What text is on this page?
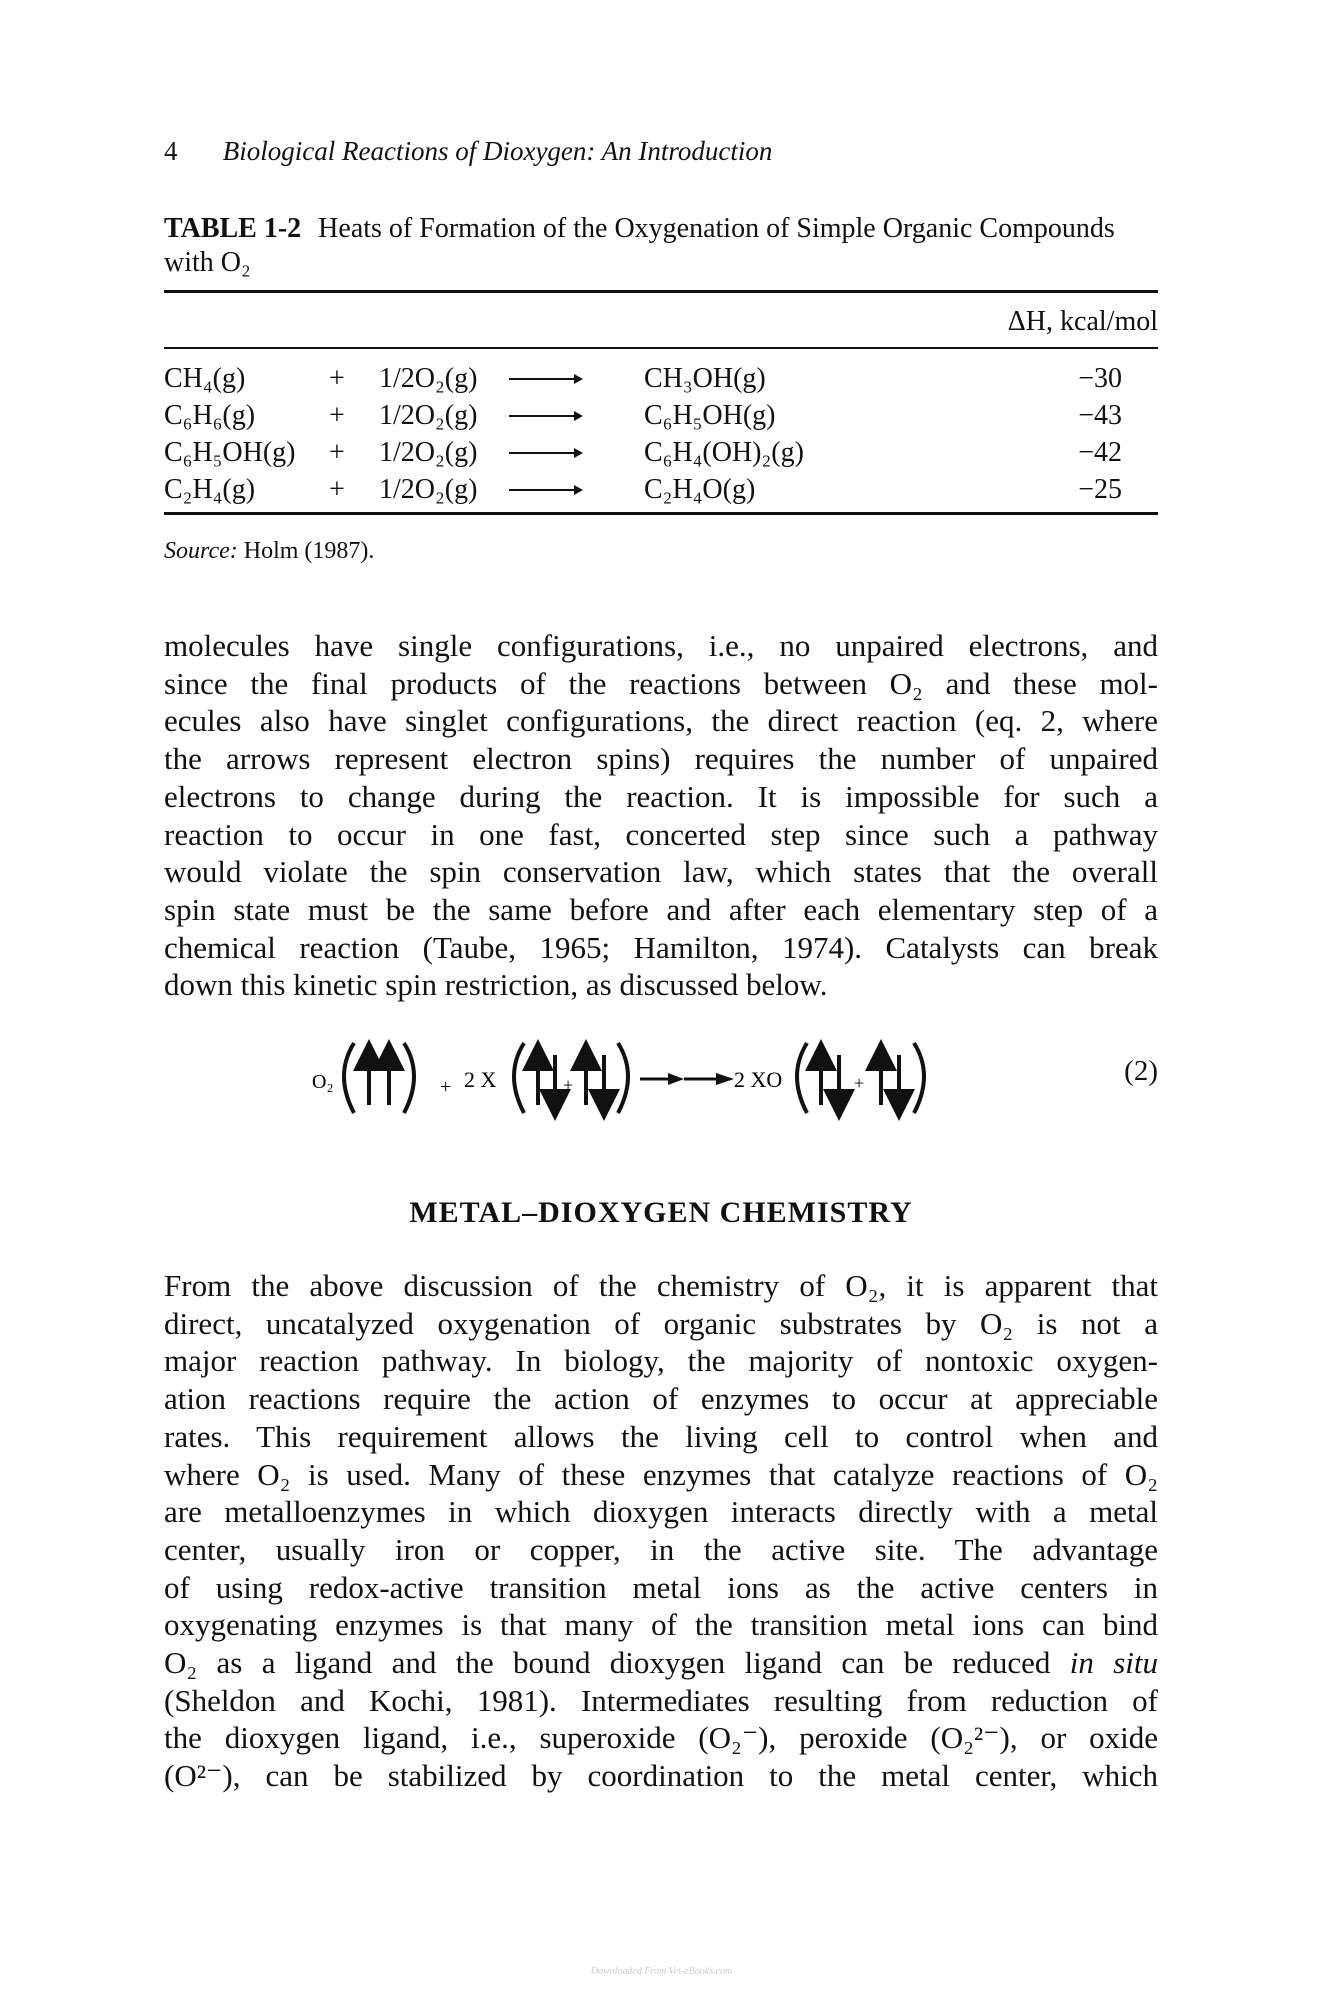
4 Biological Reactions of Dioxygen: An Introduction
TABLE 1-2 Heats of Formation of the Oxygenation of Simple Organic Compounds with O₂
ΔH, kcal/mol
CH₄(g)	+	1/2O₂(g)		CH₃OH(g)	−30
C₆H₆(g)	+	1/2O₂(g)		C₆H₅OH(g)	−43
C₆H₅OH(g)	+	1/2O₂(g)		C₆H₄(OH)₂(g)	−42
C₂H₄(g)	+	1/2O₂(g)		C₂H₄O(g)	−25
Source: Holm (1987).
molecules have single configurations, i.e., no unpaired electrons, and
since the final products of the reactions between O₂ and these mol-
ecules also have singlet configurations, the direct reaction (eq. 2, where
the arrows represent electron spins) requires the number of unpaired
electrons to change during the reaction. It is impossible for such a
reaction to occur in one fast, concerted step since such a pathway
would violate the spin conservation law, which states that the overall
spin state must be the same before and after each elementary step of a
chemical reaction (Taube, 1965; Hamilton, 1974). Catalysts can break
down this kinetic spin restriction, as discussed below.
O₂	+ 2 X	+	2 XO	+	(2)
METAL–DIOXYGEN CHEMISTRY
From the above discussion of the chemistry of O₂, it is apparent that
direct, uncatalyzed oxygenation of organic substrates by O₂ is not a
major reaction pathway. In biology, the majority of nontoxic oxygen-
ation reactions require the action of enzymes to occur at appreciable
rates. This requirement allows the living cell to control when and
where O₂ is used. Many of these enzymes that catalyze reactions of O₂
are metalloenzymes in which dioxygen interacts directly with a metal
center, usually iron or copper, in the active site. The advantage
of using redox-active transition metal ions as the active centers in
oxygenating enzymes is that many of the transition metal ions can bind
O₂ as a ligand and the bound dioxygen ligand can be reduced in situ
(Sheldon and Kochi, 1981). Intermediates resulting from reduction of
the dioxygen ligand, i.e., superoxide (O₂⁻), peroxide (O₂²⁻), or oxide
(O²⁻), can be stabilized by coordination to the metal center, which
Downloaded From Vet-eBooks.com
